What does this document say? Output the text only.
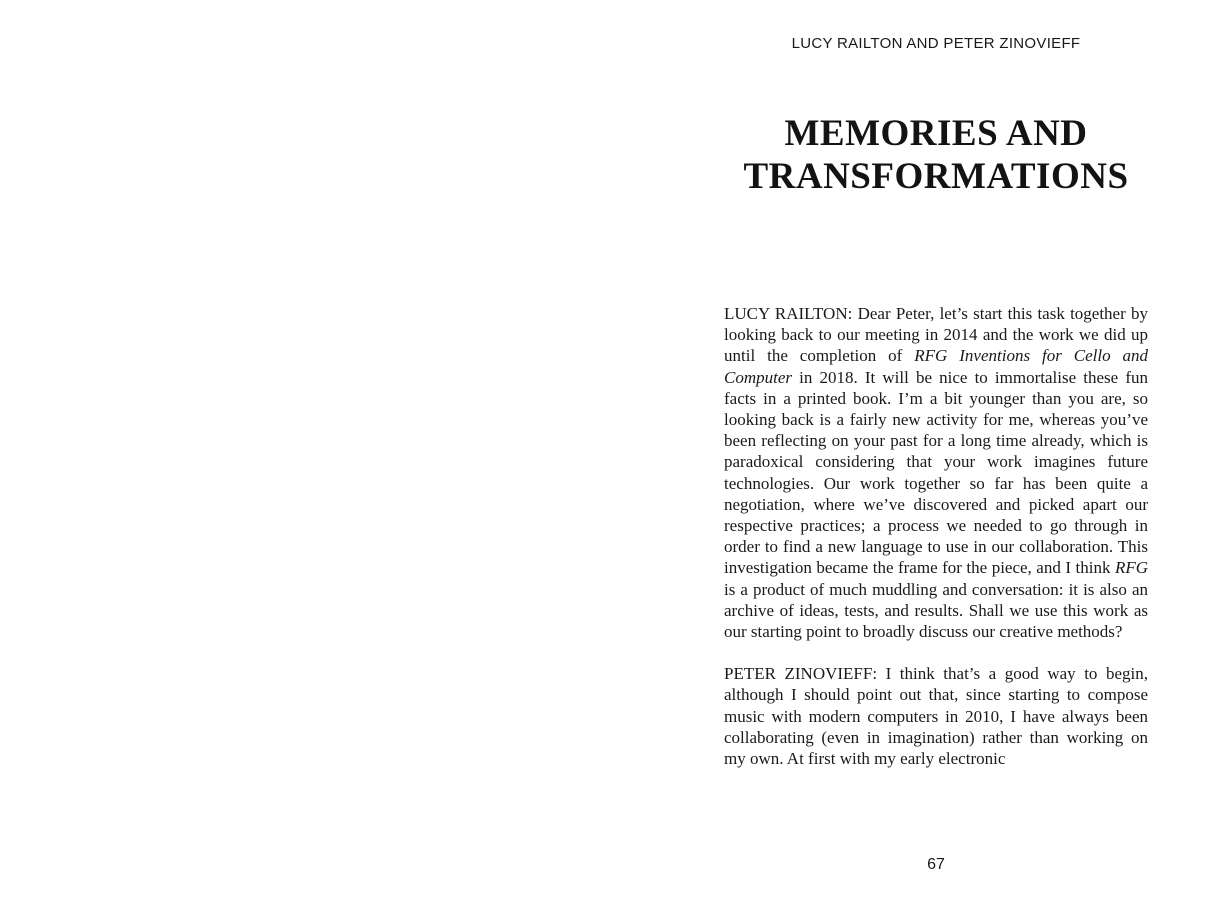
LUCY RAILTON AND PETER ZINOVIEFF
MEMORIES AND
TRANSFORMATIONS

LUCY RAILTON: Dear Peter, let’s start this task together by looking back to our meeting in 2014 and the work we did up until the completion of RFG Inventions for Cello and Computer in 2018. It will be nice to immortalise these fun facts in a printed book. I’m a bit younger than you are, so looking back is a fairly new activity for me, whereas you’ve been reflecting on your past for a long time already, which is paradoxical considering that your work imagines future technologies. Our work together so far has been quite a negotiation, where we’ve discovered and picked apart our respective practices; a process we needed to go through in order to find a new language to use in our collaboration. This investigation became the frame for the piece, and I think RFG is a product of much muddling and conversation: it is also an archive of ideas, tests, and results. Shall we use this work as our starting point to broadly discuss our creative methods?

PETER ZINOVIEFF: I think that’s a good way to begin, although I should point out that, since starting to compose music with modern computers in 2010, I have always been collaborating (even in imagination) rather than working on my own. At first with my early electronic

67
